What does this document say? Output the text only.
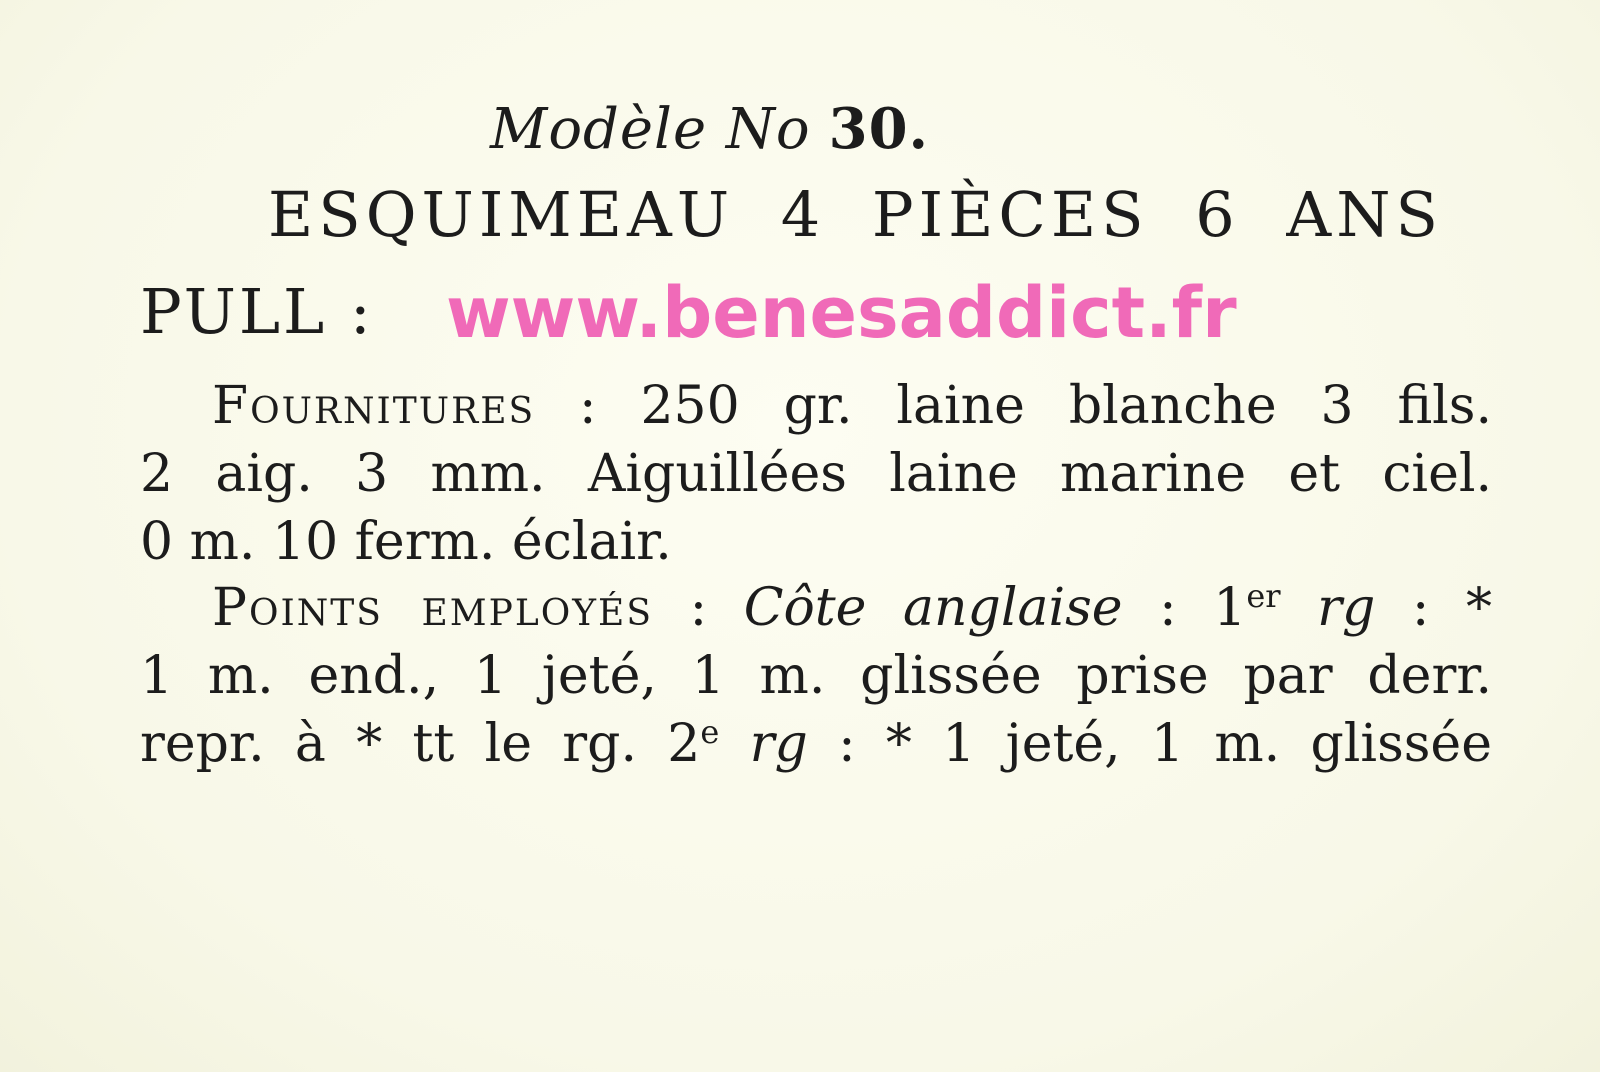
Modèle No 30.
ESQUIMEAU 4 PIÈCES 6 ANS
PULL : www.benesaddict.fr
Fournitures : 250 gr. laine blanche 3 fils.
2 aig. 3 mm. Aiguillées laine marine et ciel.
0 m. 10 ferm. éclair.
Points employés : Côte anglaise : 1er rg : *
1 m. end., 1 jeté, 1 m. glissée prise par derr.
repr. à * tt le rg. 2e rg : * 1 jeté, 1 m. glissée
